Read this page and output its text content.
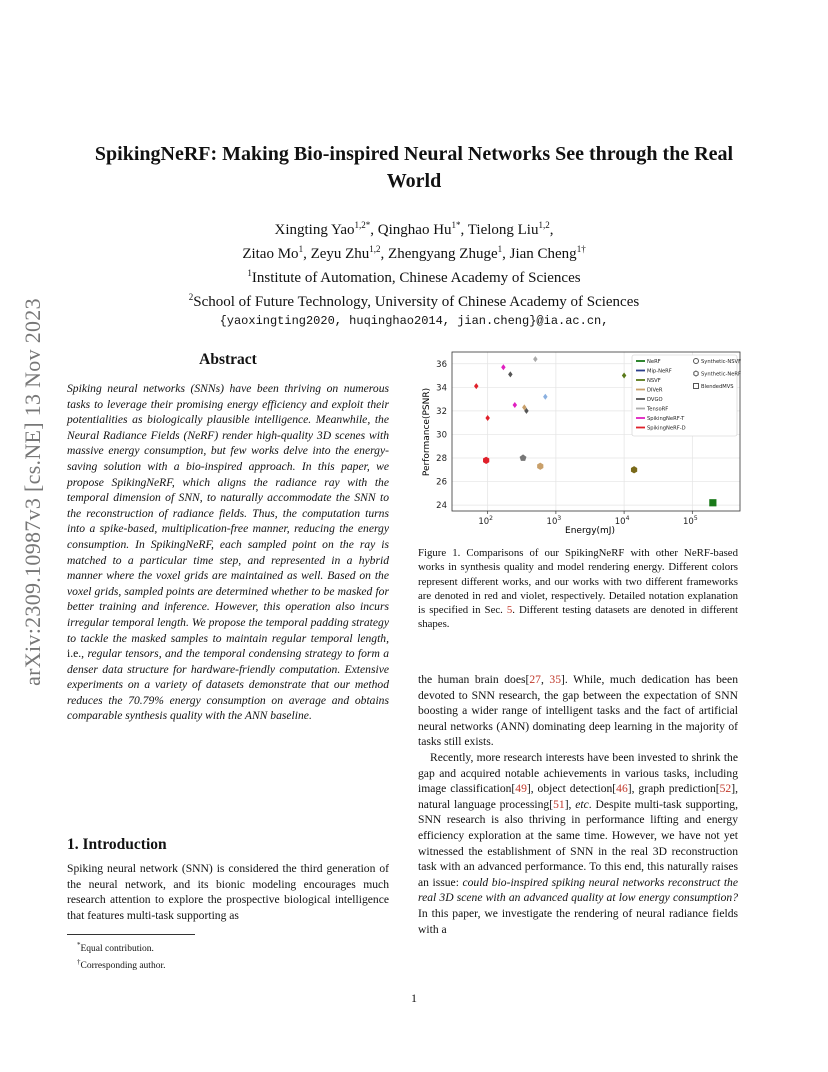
arXiv:2309.10987v3 [cs.NE] 13 Nov 2023
SpikingNeRF: Making Bio-inspired Neural Networks See through the Real World
Xingting Yao$^{1,2*}$, Qinghao $Hu^{1*}$, Tielong Liu$^{1,2}$,
Zitao Mo$^1$, Zeyu Zhu$^{1,2}$, Zhengyang Zhuge$^1$, Jian Cheng$^{1\dagger}$
$^1$Institute of Automation, Chinese Academy of Sciences
$^2$School of Future Technology, University of Chinese Academy of Sciences
{yaoxingting2020, huqinghao2014, jian.cheng}@ia.ac.cn,
Abstract

Spiking neural networks (SNNs) have been thriving on numerous tasks to leverage their promising energy efficiency and exploit their potentialities as biologically plausible intelligence. Meanwhile, the Neural Radiance Fields (NeRF) render high-quality 3D scenes with massive energy consumption, but few works delve into the energy-saving solution with a bio-inspired approach. In this paper, we propose SpikingNeRF, which aligns the radiance ray with the temporal dimension of SNN, to naturally accommodate the SNN to the reconstruction of radiance fields. Thus, the computation turns into a spike-based, multiplication-free manner, reducing the energy consumption. In SpikingNeRF, each sampled point on the ray is matched to a particular time step, and represented in a hybrid manner where the voxel grids are maintained as well. Based on the voxel grids, sampled points are determined whether to be masked for better training and inference. However, this operation also incurs irregular temporal length. We propose the temporal padding strategy to tackle the masked samples to maintain regular temporal length, i.e., regular tensors, and the temporal condensing strategy to form a denser data structure for hardware-friendly computation. Extensive experiments on a variety of datasets demonstrate that our method reduces the 70.79% energy consumption on average and obtains comparable synthesis quality with the ANN baseline.

1. Introduction

Spiking neural network (SNN) is considered the third generation of the neural network, and its bionic modeling encourages much research attention to explore the prospective biological intelligence that features multi-task supporting as

*Equal contribution.
†Corresponding author.
24
26
28
30
32
34
36
$10^2$	$10^3$	$10^4$	$10^5$
NeRF
Mip-NeRF
NSVF
DIVeR
DVGO
TensoRF
SpikingNeRF-T
SpikingNeRF-D
Synthetic-NSVF
Synthetic-NeRF
BlendedMVS
Energy(mJ)
Performance(PSNR)

Figure 1. Comparisons of our SpikingNeRF with other NeRF-based works in synthesis quality and model rendering energy. Different colors represent different works, and our works with two different frameworks are denoted in red and violet, respectively. Detailed notation explanation is specified in Sec. 5. Different testing datasets are denoted in different shapes.

the human brain does[27, 35]. While, much dedication has been devoted to SNN research, the gap between the expectation of SNN boosting a wider range of intelligent tasks and the fact of artificial neural networks (ANN) dominating deep learning in the majority of tasks still exists.

Recently, more research interests have been invested to shrink the gap and acquired notable achievements in various tasks, including image classification[49], object detection[46], graph prediction[52], natural language processing[51], etc. Despite multi-task supporting, SNN research is also thriving in performance lifting and energy efficiency exploration at the same time. However, we have not yet witnessed the establishment of SNN in the real 3D reconstruction task with an advanced performance. To this end, this naturally raises an issue: could bio-inspired spiking neural networks reconstruct the real 3D scene with an advanced quality at low energy consumption? In this paper, we investigate the rendering of neural radiance fields with a

1
